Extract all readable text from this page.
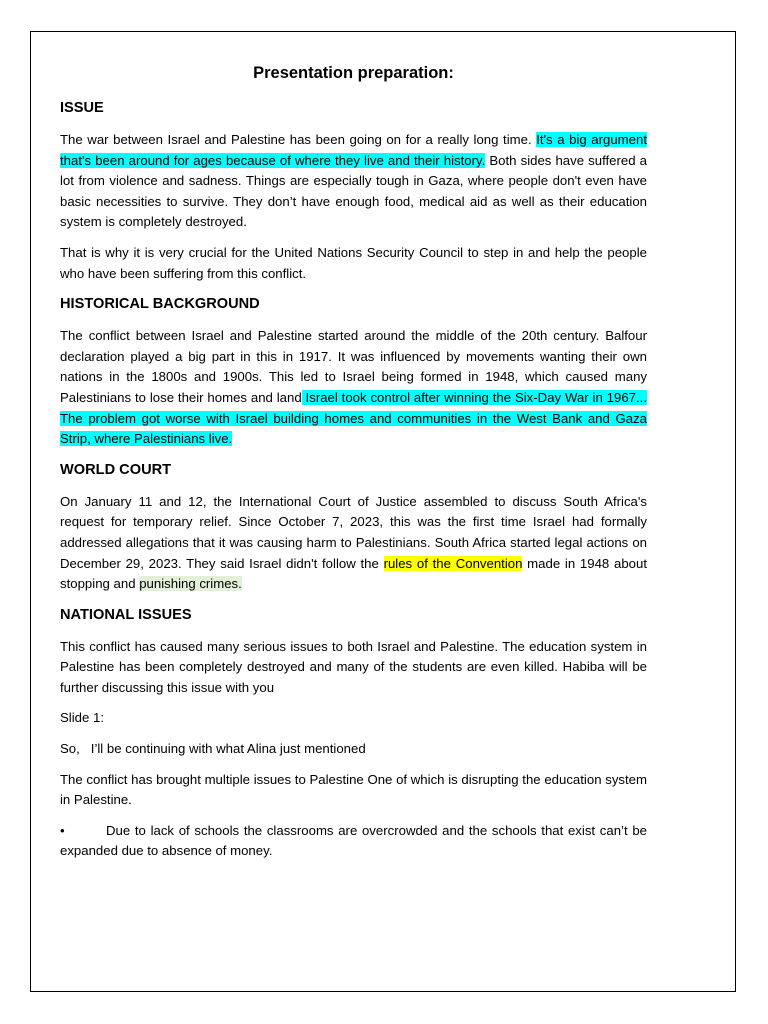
Presentation preparation:
ISSUE

The war between Israel and Palestine has been going on for a really long time. It's a big argument that's been around for ages because of where they live and their history. Both sides have suffered a lot from violence and sadness. Things are especially tough in Gaza, where people don't even have basic necessities to survive. They don’t have enough food, medical aid as well as their education system is completely destroyed.

That is why it is very crucial for the United Nations Security Council to step in and help the people who have been suffering from this conflict.

HISTORICAL BACKGROUND

The conflict between Israel and Palestine started around the middle of the 20th century. Balfour declaration played a big part in this in 1917. It was influenced by movements wanting their own nations in the 1800s and 1900s. This led to Israel being formed in 1948, which caused many Palestinians to lose their homes and land Israel took control after winning the Six-Day War in 1967... The problem got worse with Israel building homes and communities in the West Bank and Gaza Strip, where Palestinians live.

WORLD COURT

On January 11 and 12, the International Court of Justice assembled to discuss South Africa's request for temporary relief. Since October 7, 2023, this was the first time Israel had formally addressed allegations that it was causing harm to Palestinians. South Africa started legal actions on December 29, 2023. They said Israel didn't follow the rules of the Convention made in 1948 about stopping and punishing crimes.

NATIONAL ISSUES

This conflict has caused many serious issues to both Israel and Palestine. The education system in Palestine has been completely destroyed and many of the students are even killed. Habiba will be further discussing this issue with you

Slide 1:

So,   I’ll be continuing with what Alina just mentioned

The conflict has brought multiple issues to Palestine One of which is disrupting the education system in Palestine.

•	Due to lack of schools the classrooms are overcrowded and the schools that exist can’t be expanded due to absence of money.
